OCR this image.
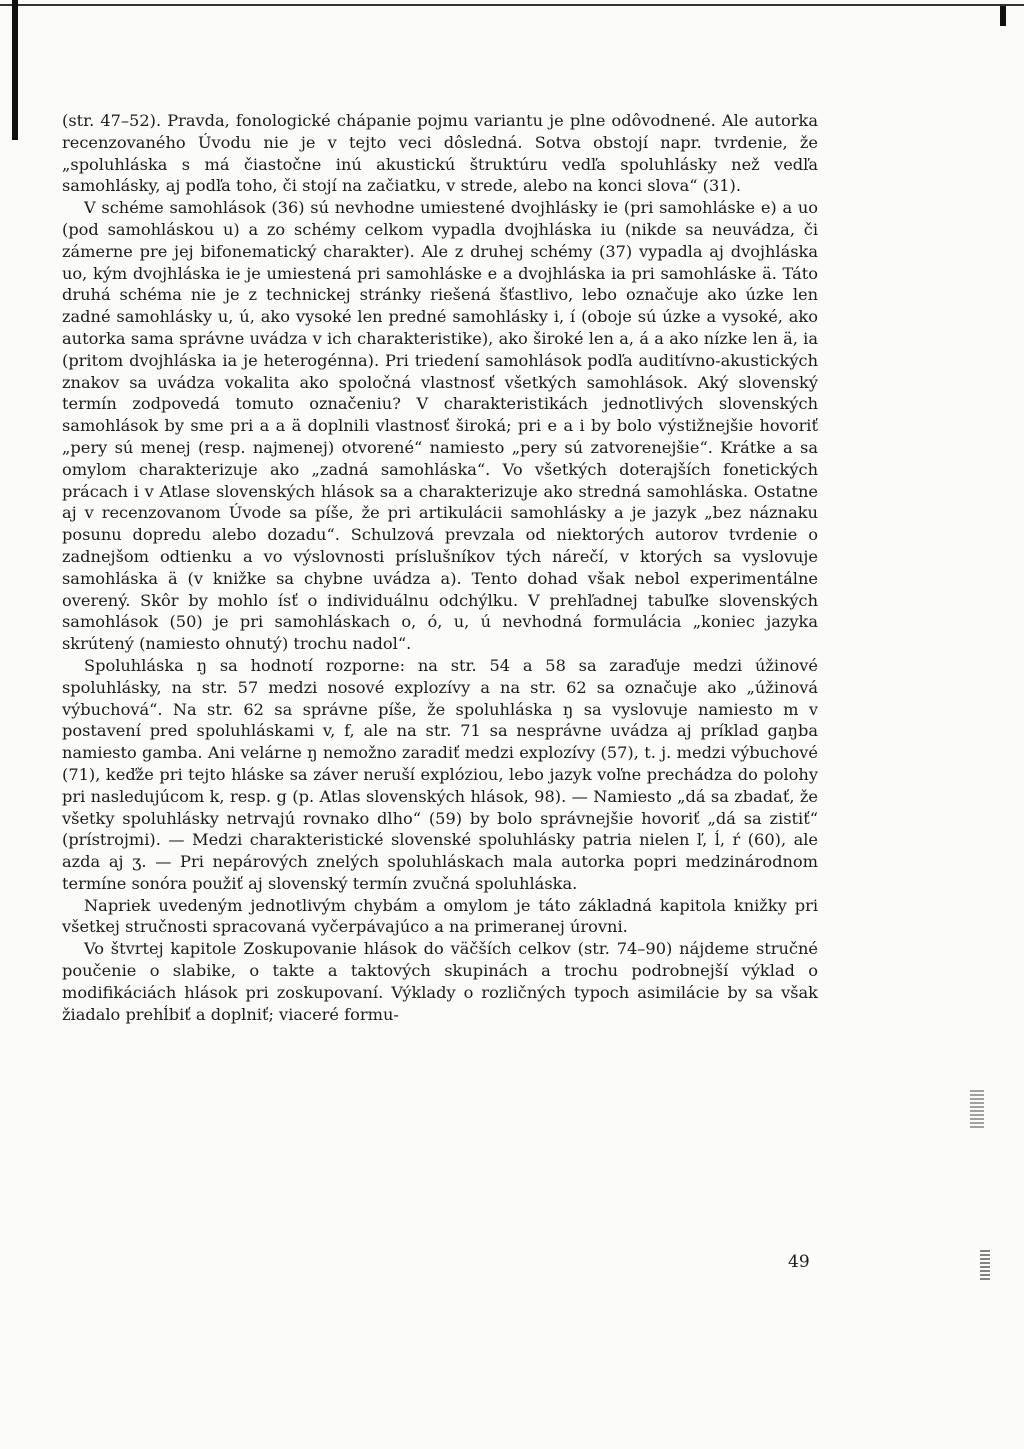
(str. 47–52). Pravda, fonologické chápanie pojmu variantu je plne odôvodnené. Ale autorka recenzovaného Úvodu nie je v tejto veci dôsledná. Sotva obstojí napr. tvrdenie, že „spoluhláska s má čiastočne inú akustickú štruktúru vedľa spoluhlásky než vedľa samohlásky, aj podľa toho, či stojí na začiatku, v strede, alebo na konci slova“ (31).

V schéme samohlások (36) sú nevhodne umiestené dvojhlásky ie (pri samohláske e) a uo (pod samohláskou u) a zo schémy celkom vypadla dvojhláska iu (nikde sa neuvádza, či zámerne pre jej bifonematický charakter). Ale z druhej schémy (37) vypadla aj dvojhláska uo, kým dvojhláska ie je umiestená pri samohláske e a dvojhláska ia pri samohláske ä. Táto druhá schéma nie je z technickej stránky riešená šťastlivo, lebo označuje ako úzke len zadné samohlásky u, ú, ako vysoké len predné samohlásky i, í (oboje sú úzke a vysoké, ako autorka sama správne uvádza v ich charakteristike), ako široké len a, á a ako nízke len ä, ia (pritom dvojhláska ia je heterogénna). Pri triedení samohlások podľa auditívno-akustických znakov sa uvádza vokalita ako spoločná vlastnosť všetkých samohlások. Aký slovenský termín zodpovedá tomuto označeniu? V charakteristikách jednotlivých slovenských samohlások by sme pri a a ä doplnili vlastnosť široká; pri e a i by bolo výstižnejšie hovoriť „pery sú menej (resp. najmenej) otvorené“ namiesto „pery sú zatvorenejšie“. Krátke a sa omylom charakterizuje ako „zadná samohláska“. Vo všetkých doterajších fonetických prácach i v Atlase slovenských hlások sa a charakterizuje ako stredná samohláska. Ostatne aj v recenzovanom Úvode sa píše, že pri artikulácii samohlásky a je jazyk „bez náznaku posunu dopredu alebo dozadu“. Schulzová prevzala od niektorých autorov tvrdenie o zadnejšom odtienku a vo výslovnosti príslušníkov tých nárečí, v ktorých sa vyslovuje samohláska ä (v knižke sa chybne uvádza a). Tento dohad však nebol experimentálne overený. Skôr by mohlo ísť o individuálnu odchýlku. V prehľadnej tabuľke slovenských samohlások (50) je pri samohláskach o, ó, u, ú nevhodná formulácia „koniec jazyka skrútený (namiesto ohnutý) trochu nadol“.

Spoluhláska ŋ sa hodnotí rozporne: na str. 54 a 58 sa zaraďuje medzi úžinové spoluhlásky, na str. 57 medzi nosové explozívy a na str. 62 sa označuje ako „úžinová výbuchová“. Na str. 62 sa správne píše, že spoluhláska ŋ sa vyslovuje namiesto m v postavení pred spoluhláskami v, f, ale na str. 71 sa nesprávne uvádza aj príklad gaŋba namiesto gamba. Ani velárne ŋ nemožno zaradiť medzi explozívy (57), t. j. medzi výbuchové (71), keďže pri tejto hláske sa záver neruší explóziou, lebo jazyk voľne prechádza do polohy pri nasledujúcom k, resp. g (p. Atlas slovenských hlások, 98). — Namiesto „dá sa zbadať, že všetky spoluhlásky netrvajú rovnako dlho“ (59) by bolo správnejšie hovoriť „dá sa zistiť“ (prístrojmi). — Medzi charakteristické slovenské spoluhlásky patria nielen ľ, ĺ, ŕ (60), ale azda aj ʒ. — Pri nepárových znelých spoluhláskach mala autorka popri medzinárodnom termíne sonóra použiť aj slovenský termín zvučná spoluhláska.

Napriek uvedeným jednotlivým chybám a omylom je táto základná kapitola knižky pri všetkej stručnosti spracovaná vyčerpávajúco a na primeranej úrovni.

Vo štvrtej kapitole Zoskupovanie hlások do väčších celkov (str. 74–90) nájdeme stručné poučenie o slabike, o takte a taktových skupinách a trochu podrobnejší výklad o modifikáciách hlások pri zoskupovaní. Výklady o rozličných typoch asimilácie by sa však žiadalo prehĺbiť a doplniť; viaceré formu-

49
